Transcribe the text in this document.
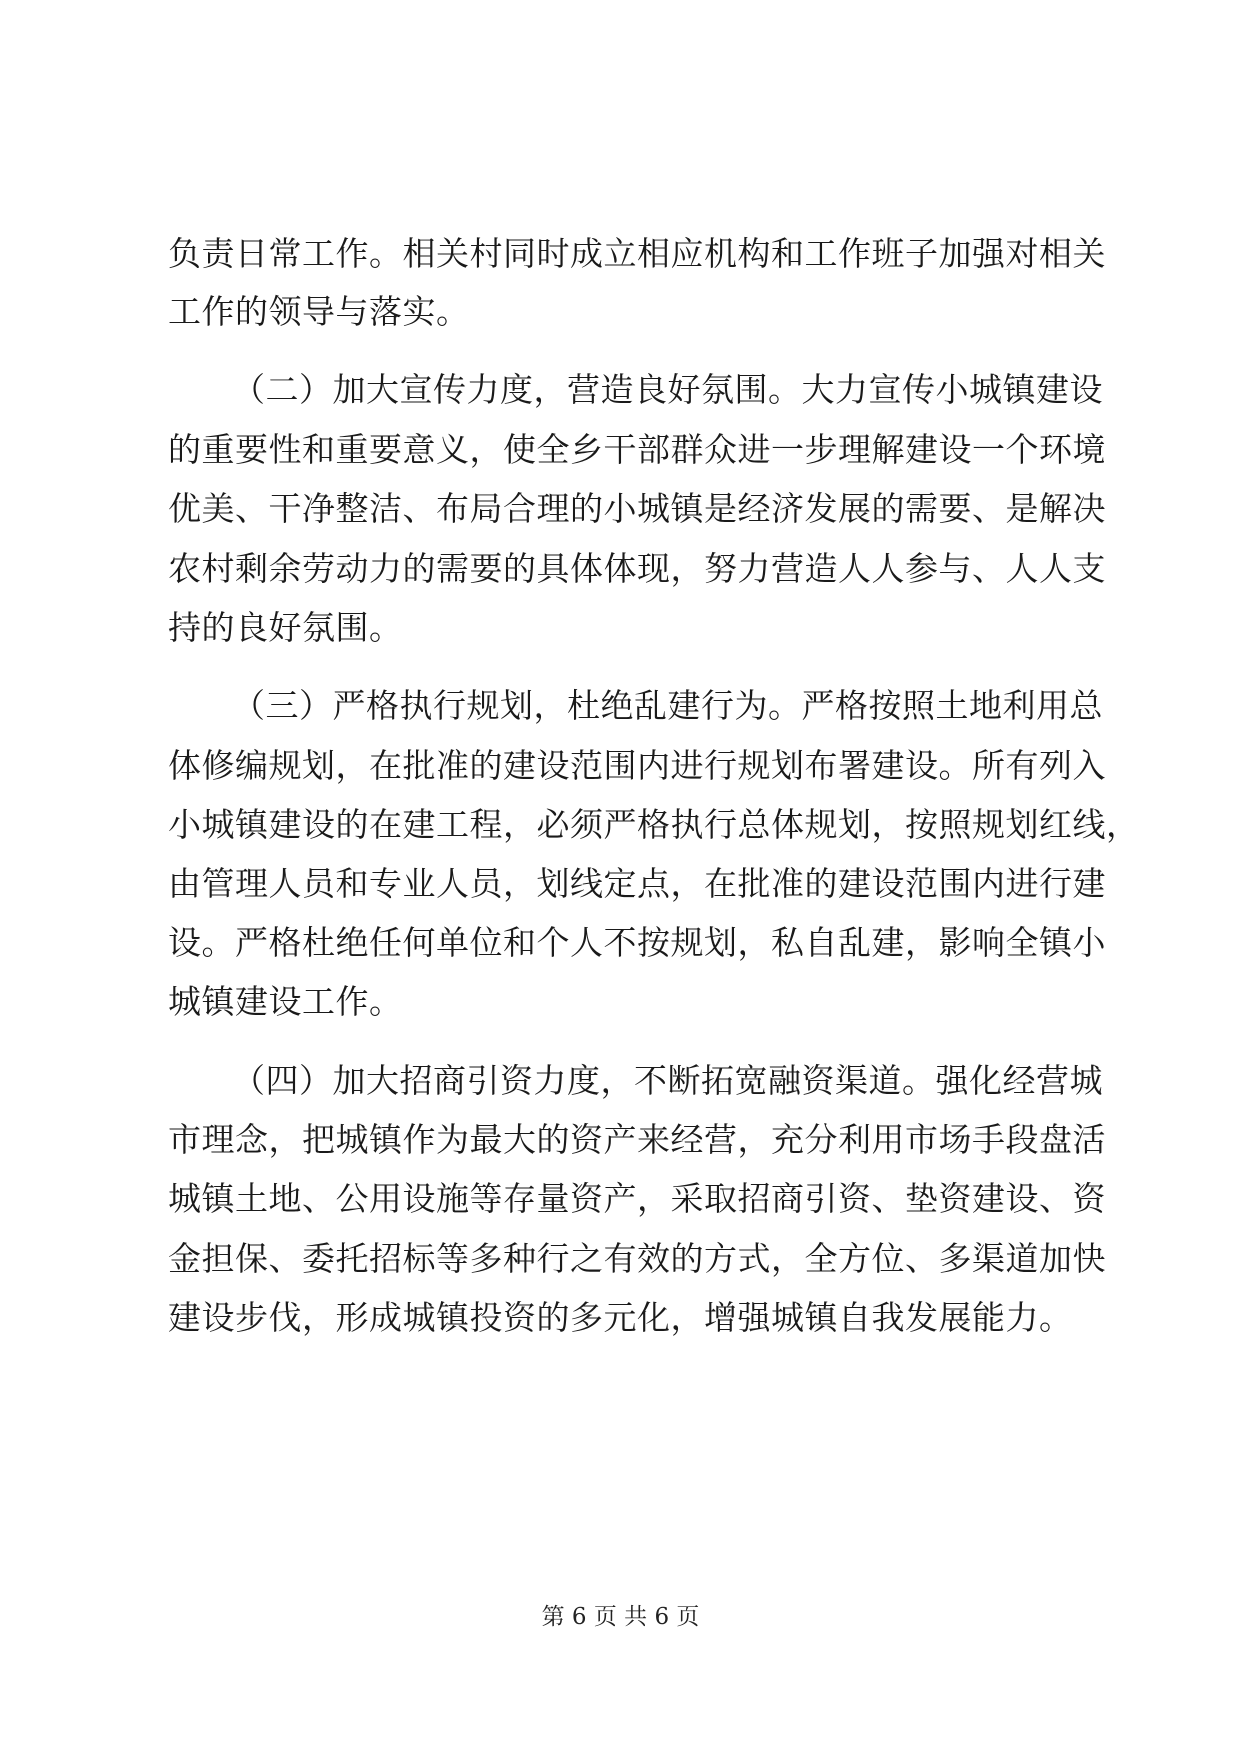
负责日常工作。相关村同时成立相应机构和工作班子加强对相关
工作的领导与落实。
（二）加大宣传力度，营造良好氛围。大力宣传小城镇建设
的重要性和重要意义，使全乡干部群众进一步理解建设一个环境
优美、干净整洁、布局合理的小城镇是经济发展的需要、是解决
农村剩余劳动力的需要的具体体现，努力营造人人参与、人人支
持的良好氛围。
（三）严格执行规划，杜绝乱建行为。严格按照土地利用总
体修编规划，在批准的建设范围内进行规划布署建设。所有列入
小城镇建设的在建工程，必须严格执行总体规划，按照规划红线，
由管理人员和专业人员，划线定点，在批准的建设范围内进行建
设。严格杜绝任何单位和个人不按规划，私自乱建，影响全镇小
城镇建设工作。
（四）加大招商引资力度，不断拓宽融资渠道。强化经营城
市理念，把城镇作为最大的资产来经营，充分利用市场手段盘活
城镇土地、公用设施等存量资产，采取招商引资、垫资建设、资
金担保、委托招标等多种行之有效的方式，全方位、多渠道加快
建设步伐，形成城镇投资的多元化，增强城镇自我发展能力。
第 6 页 共 6 页
